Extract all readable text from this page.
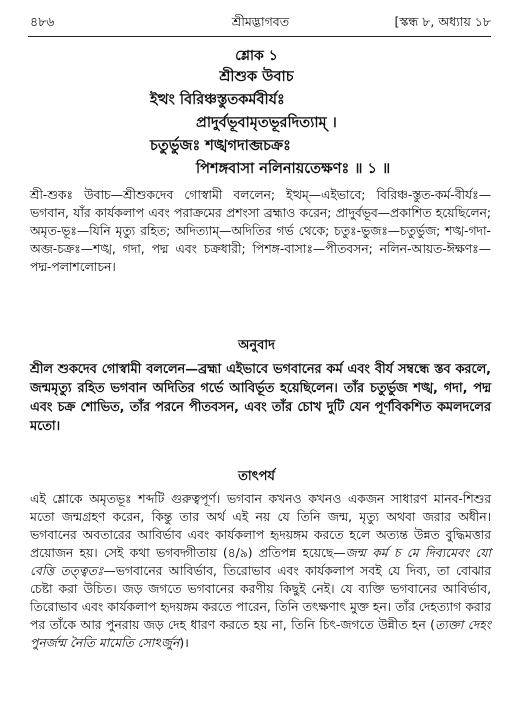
৪৮৬	শ্রীমদ্ভাগবত	[স্কন্ধ ৮, অধ্যায় ১৮
শ্লোক ১
শ্রীশুক উবাচ
ইত্থং বিরিঞ্চস্তুতকর্মবীর্যঃ
প্রাদুর্বভূবামৃতভূরদিত্যাম্ ।
চতুর্ভুজঃ শঙ্খগদাব্জচক্রঃ
পিশঙ্গবাসা নলিনায়তেক্ষণঃ ॥ ১ ॥

শ্রী-শুকঃ উবাচ—শ্রীশুকদেব গোস্বামী বললেন; ইত্থম্—এইভাবে; বিরিঞ্চ-স্তুত-কর্ম-বীর্যঃ—ভগবান, যাঁর কার্যকলাপ এবং পরাক্রমের প্রশংসা ব্রহ্মাও করেন; প্রাদুর্বভূব—প্রকাশিত হয়েছিলেন; অমৃত-ভূঃ—যিনি মৃত্যু রহিত; অদিত্যাম্—অদিতির গর্ভ থেকে; চতুঃ-ভুজঃ—চতুর্ভুজ; শঙ্খ-গদা-অব্জ-চক্রঃ—শঙ্খ, গদা, পদ্ম এবং চক্রধারী; পিশঙ্গ-বাসাঃ—পীতবসন; নলিন-আয়ত-ঈক্ষণঃ—পদ্ম-পলাশলোচন।

অনুবাদ

শ্রীল শুকদেব গোস্বামী বললেন—ব্রহ্মা এইভাবে ভগবানের কর্ম এবং বীর্য সম্বন্ধে স্তব করলে, জন্মমৃত্যু রহিত ভগবান অদিতির গর্ভে আবির্ভূত হয়েছিলেন। তাঁর চতুর্ভুজ শঙ্খ, গদা, পদ্ম এবং চক্র শোভিত, তাঁর পরনে পীতবসন, এবং তাঁর চোখ দুটি যেন পূর্ণবিকশিত কমলদলের মতো।

তাৎপর্য

এই শ্লোকে অমৃতভূঃ শব্দটি গুরুত্বপূর্ণ। ভগবান কখনও কখনও একজন সাধারণ মানব-শিশুর মতো জন্মগ্রহণ করেন, কিন্তু তার অর্থ এই নয় যে তিনি জন্ম, মৃত্যু অথবা জরার অধীন। ভগবানের অবতারের আবির্ভাব এবং কার্যকলাপ হৃদয়ঙ্গম করতে হলে অত্যন্ত উন্নত বুদ্ধিমত্তার প্রয়োজন হয়। সেই কথা ভগবদ্গীতায় (৪/৯) প্রতিপন্ন হয়েছে—জন্ম কর্ম চ মে দিব্যমেবং যো বেত্তি তত্ত্বতঃ—ভগবানের আবির্ভাব, তিরোভাব এবং কার্যকলাপ সবই যে দিব্য, তা বোঝার চেষ্টা করা উচিত। জড় জগতে ভগবানের করণীয় কিছুই নেই। যে ব্যক্তি ভগবানের আবির্ভাব, তিরোভাব এবং কার্যকলাপ হৃদয়ঙ্গম করতে পারেন, তিনি তৎক্ষণাৎ মুক্ত হন। তাঁর দেহত্যাগ করার পর তাঁকে আর পুনরায় জড় দেহ ধারণ করতে হয় না, তিনি চিৎ-জগতে উন্নীত হন (ত্যক্তা দেহং পুনর্জন্ম নৈতি মামেতি সোঽর্জুন)।
